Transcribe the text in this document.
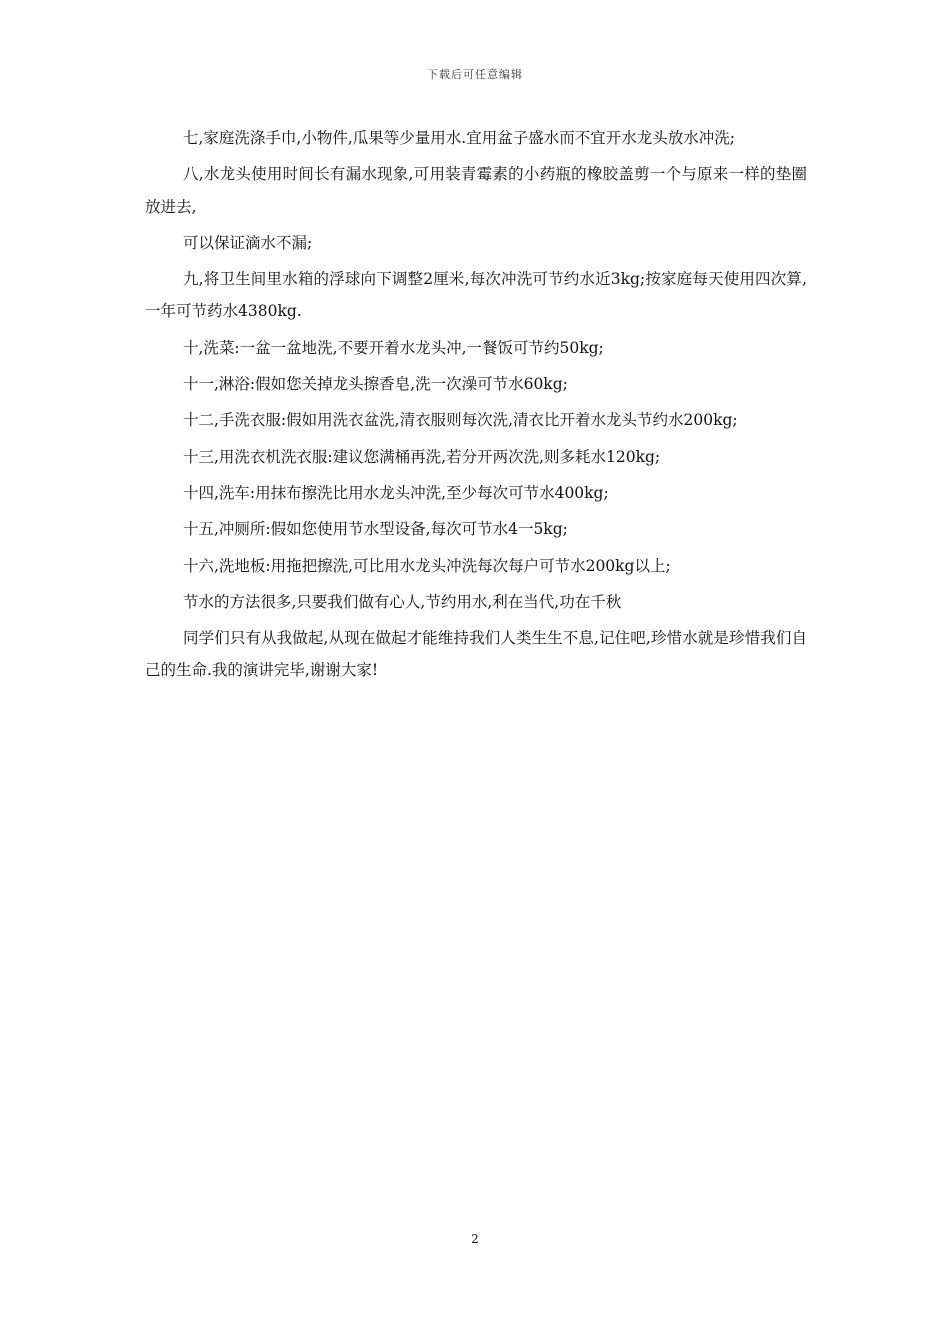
下载后可任意编辑

七,家庭洗涤手巾,小物件,瓜果等少量用水.宜用盆子盛水而不宜开水龙头放水冲洗;

八,水龙头使用时间长有漏水现象,可用装青霉素的小药瓶的橡胶盖剪一个与原来一样的垫圈放进去,

可以保证滴水不漏;

九,将卫生间里水箱的浮球向下调整2厘米,每次冲洗可节约水近3kg;按家庭每天使用四次算,一年可节药水4380kg.

十,洗菜:一盆一盆地洗,不要开着水龙头冲,一餐饭可节约50kg;

十一,淋浴:假如您关掉龙头擦香皂,洗一次澡可节水60kg;

十二,手洗衣服:假如用洗衣盆洗,清衣服则每次洗,清衣比开着水龙头节约水200kg;

十三,用洗衣机洗衣服:建议您满桶再洗,若分开两次洗,则多耗水120kg;

十四,洗车:用抹布擦洗比用水龙头冲洗,至少每次可节水400kg;

十五,冲厕所:假如您使用节水型设备,每次可节水4一5kg;

十六,洗地板:用拖把擦洗,可比用水龙头冲洗每次每户可节水200kg以上;

节水的方法很多,只要我们做有心人,节约用水,利在当代,功在千秋

同学们只有从我做起,从现在做起才能维持我们人类生生不息,记住吧,珍惜水就是珍惜我们自己的生命.我的演讲完毕,谢谢大家!

2
